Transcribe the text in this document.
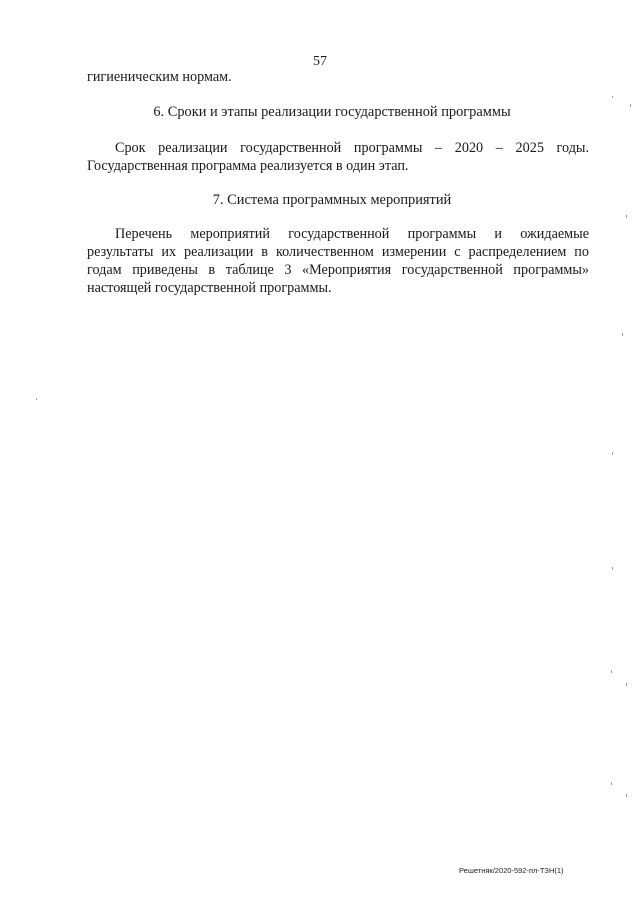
57
гигиеническим нормам.
6. Сроки и этапы реализации государственной программы
Срок реализации государственной программы – 2020 – 2025 годы.
Государственная программа реализуется в один этап.
7. Система программных мероприятий
Перечень мероприятий государственной программы и ожидаемые
результаты их реализации в количественном измерении с распределением по
годам приведены в таблице 3 «Мероприятия государственной программы»
настоящей государственной программы.
Решетняк/2020-592-пл-ТЗН(1)
